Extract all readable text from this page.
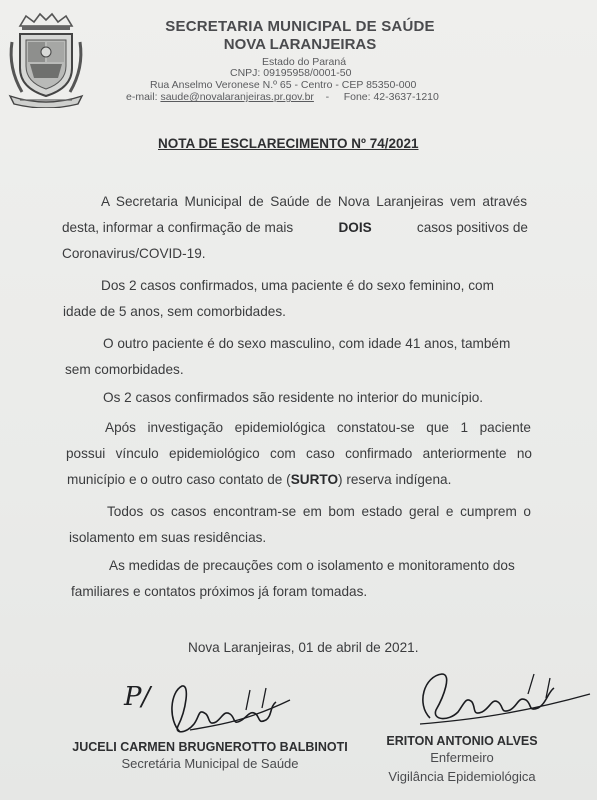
SECRETARIA MUNICIPAL DE SAÚDE
NOVA LARANJEIRAS
Estado do Paraná
CNPJ: 09195958/0001-50
Rua Anselmo Veronese N.º 65 - Centro - CEP 85350-000
e-mail: saude@novalaranjeiras.pr.gov.br - Fone: 42-3637-1210
NOTA DE ESCLARECIMENTO Nº 74/2021
A Secretaria Municipal de Saúde de Nova Laranjeiras vem através
desta, informar a confirmação de mais	DOIS	casos positivos de
Coronavirus/COVID-19.
Dos 2 casos confirmados, uma paciente é do sexo feminino, com
idade de 5 anos, sem comorbidades.
O outro paciente é do sexo masculino, com idade 41 anos, também
sem comorbidades.
Os 2 casos confirmados são residente no interior do município.
Após investigação epidemiológica constatou-se que 1 paciente
possui vínculo epidemiológico com caso confirmado anteriormente no
município e o outro caso contato de (SURTO) reserva indígena.
Todos os casos encontram-se em bom estado geral e cumprem o
isolamento em suas residências.
As medidas de precauções com o isolamento e monitoramento dos
familiares e contatos próximos já foram tomadas.
Nova Laranjeiras, 01 de abril de 2021.
P/
JUCELI CARMEN BRUGNEROTTO BALBINOTI
Secretária Municipal de Saúde
ERITON ANTONIO ALVES
Enfermeiro
Vigilância Epidemiológica
